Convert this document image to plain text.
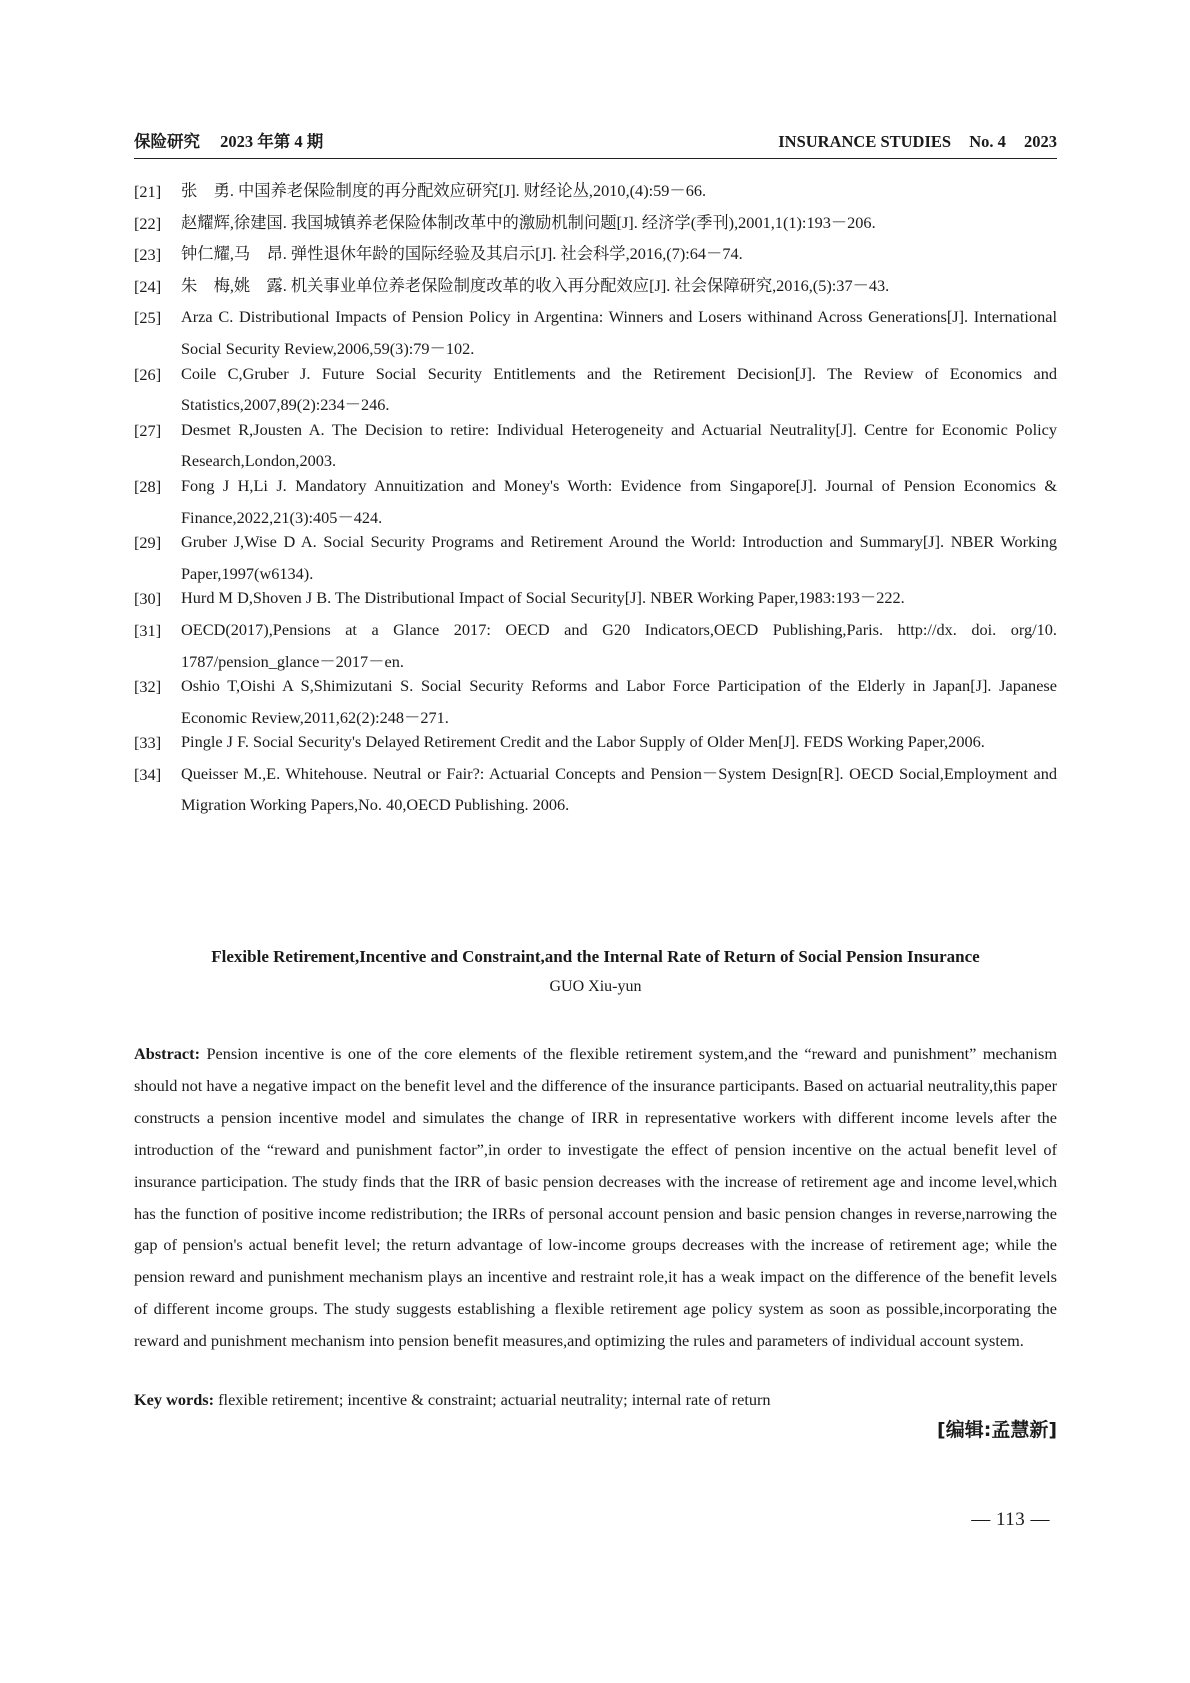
保险研究 2023 年第 4 期	INSURANCE STUDIES No. 4 2023
[21]	张　勇. 中国养老保险制度的再分配效应研究[J]. 财经论丛,2010,(4):59－66.
[22]	赵耀辉,徐建国. 我国城镇养老保险体制改革中的激励机制问题[J]. 经济学(季刊),2001,1(1):193－206.
[23]	钟仁耀,马　昂. 弹性退休年龄的国际经验及其启示[J]. 社会科学,2016,(7):64－74.
[24]	朱　梅,姚　露. 机关事业单位养老保险制度改革的收入再分配效应[J]. 社会保障研究,2016,(5):37－43.
[25]	Arza C. Distributional Impacts of Pension Policy in Argentina: Winners and Losers withinand Across Generations[J]. International Social Security Review,2006,59(3):79－102.
[26]	Coile C,Gruber J. Future Social Security Entitlements and the Retirement Decision[J]. The Review of Economics and Statistics,2007,89(2):234－246.
[27]	Desmet R,Jousten A. The Decision to retire: Individual Heterogeneity and Actuarial Neutrality[J]. Centre for Economic Policy Research,London,2003.
[28]	Fong J H,Li J. Mandatory Annuitization and Money's Worth: Evidence from Singapore[J]. Journal of Pension Economics & Finance,2022,21(3):405－424.
[29]	Gruber J,Wise D A. Social Security Programs and Retirement Around the World: Introduction and Summary[J]. NBER Working Paper,1997(w6134).
[30]	Hurd M D,Shoven J B. The Distributional Impact of Social Security[J]. NBER Working Paper,1983:193－222.
[31]	OECD(2017),Pensions at a Glance 2017: OECD and G20 Indicators,OECD Publishing,Paris. http://dx. doi. org/10. 1787/pension_glance－2017－en.
[32]	Oshio T,Oishi A S,Shimizutani S. Social Security Reforms and Labor Force Participation of the Elderly in Japan[J]. Japanese Economic Review,2011,62(2):248－271.
[33]	Pingle J F. Social Security's Delayed Retirement Credit and the Labor Supply of Older Men[J]. FEDS Working Paper,2006.
[34]	Queisser M.,E. Whitehouse. Neutral or Fair?: Actuarial Concepts and Pension－System Design[R]. OECD Social,Employment and Migration Working Papers,No. 40,OECD Publishing. 2006.
Flexible Retirement,Incentive and Constraint,and the Internal Rate of Return of Social Pension Insurance
GUO Xiu-yun
Abstract: Pension incentive is one of the core elements of the flexible retirement system,and the “reward and punishment” mechanism should not have a negative impact on the benefit level and the difference of the insurance participants. Based on actuarial neutrality,this paper constructs a pension incentive model and simulates the change of IRR in representative workers with different income levels after the introduction of the “reward and punishment factor”,in order to investigate the effect of pension incentive on the actual benefit level of insurance participation. The study finds that the IRR of basic pension decreases with the increase of retirement age and income level,which has the function of positive income redistribution; the IRRs of personal account pension and basic pension changes in reverse,narrowing the gap of pension's actual benefit level; the return advantage of low-income groups decreases with the increase of retirement age; while the pension reward and punishment mechanism plays an incentive and restraint role,it has a weak impact on the difference of the benefit levels of different income groups. The study suggests establishing a flexible retirement age policy system as soon as possible,incorporating the reward and punishment mechanism into pension benefit measures,and optimizing the rules and parameters of individual account system.
Key words: flexible retirement; incentive & constraint; actuarial neutrality; internal rate of return
[编辑:孟慧新]
— 113 —
